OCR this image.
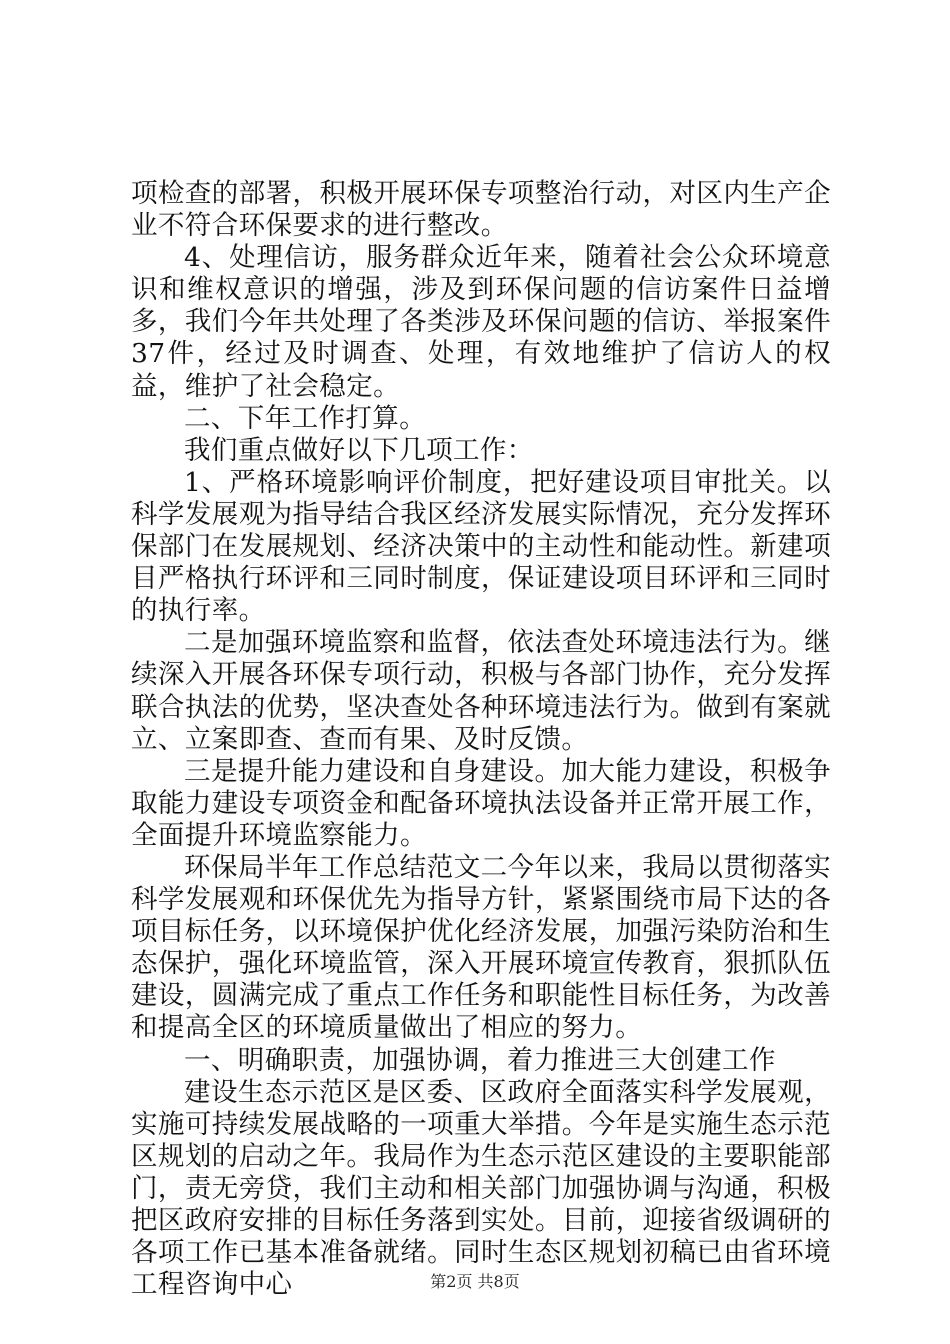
项检查的部署，积极开展环保专项整治行动，对区内生产企业不符合环保要求的进行整改。

4、处理信访，服务群众近年来，随着社会公众环境意识和维权意识的增强，涉及到环保问题的信访案件日益增多，我们今年共处理了各类涉及环保问题的信访、举报案件37件，经过及时调查、处理，有效地维护了信访人的权益，维护了社会稳定。

二、下年工作打算。

我们重点做好以下几项工作：

1、严格环境影响评价制度，把好建设项目审批关。以科学发展观为指导结合我区经济发展实际情况，充分发挥环保部门在发展规划、经济决策中的主动性和能动性。新建项目严格执行环评和三同时制度，保证建设项目环评和三同时的执行率。

二是加强环境监察和监督，依法查处环境违法行为。继续深入开展各环保专项行动，积极与各部门协作，充分发挥联合执法的优势，坚决查处各种环境违法行为。做到有案就立、立案即查、查而有果、及时反馈。

三是提升能力建设和自身建设。加大能力建设，积极争取能力建设专项资金和配备环境执法设备并正常开展工作，全面提升环境监察能力。

环保局半年工作总结范文二今年以来，我局以贯彻落实科学发展观和环保优先为指导方针，紧紧围绕市局下达的各项目标任务，以环境保护优化经济发展，加强污染防治和生态保护，强化环境监管，深入开展环境宣传教育，狠抓队伍建设，圆满完成了重点工作任务和职能性目标任务，为改善和提高全区的环境质量做出了相应的努力。

一、明确职责，加强协调，着力推进三大创建工作

建设生态示范区是区委、区政府全面落实科学发展观，实施可持续发展战略的一项重大举措。今年是实施生态示范区规划的启动之年。我局作为生态示范区建设的主要职能部门，责无旁贷，我们主动和相关部门加强协调与沟通，积极把区政府安排的目标任务落到实处。目前，迎接省级调研的各项工作已基本准备就绪。同时生态区规划初稿已由省环境工程咨询中心	第2页 共8页
